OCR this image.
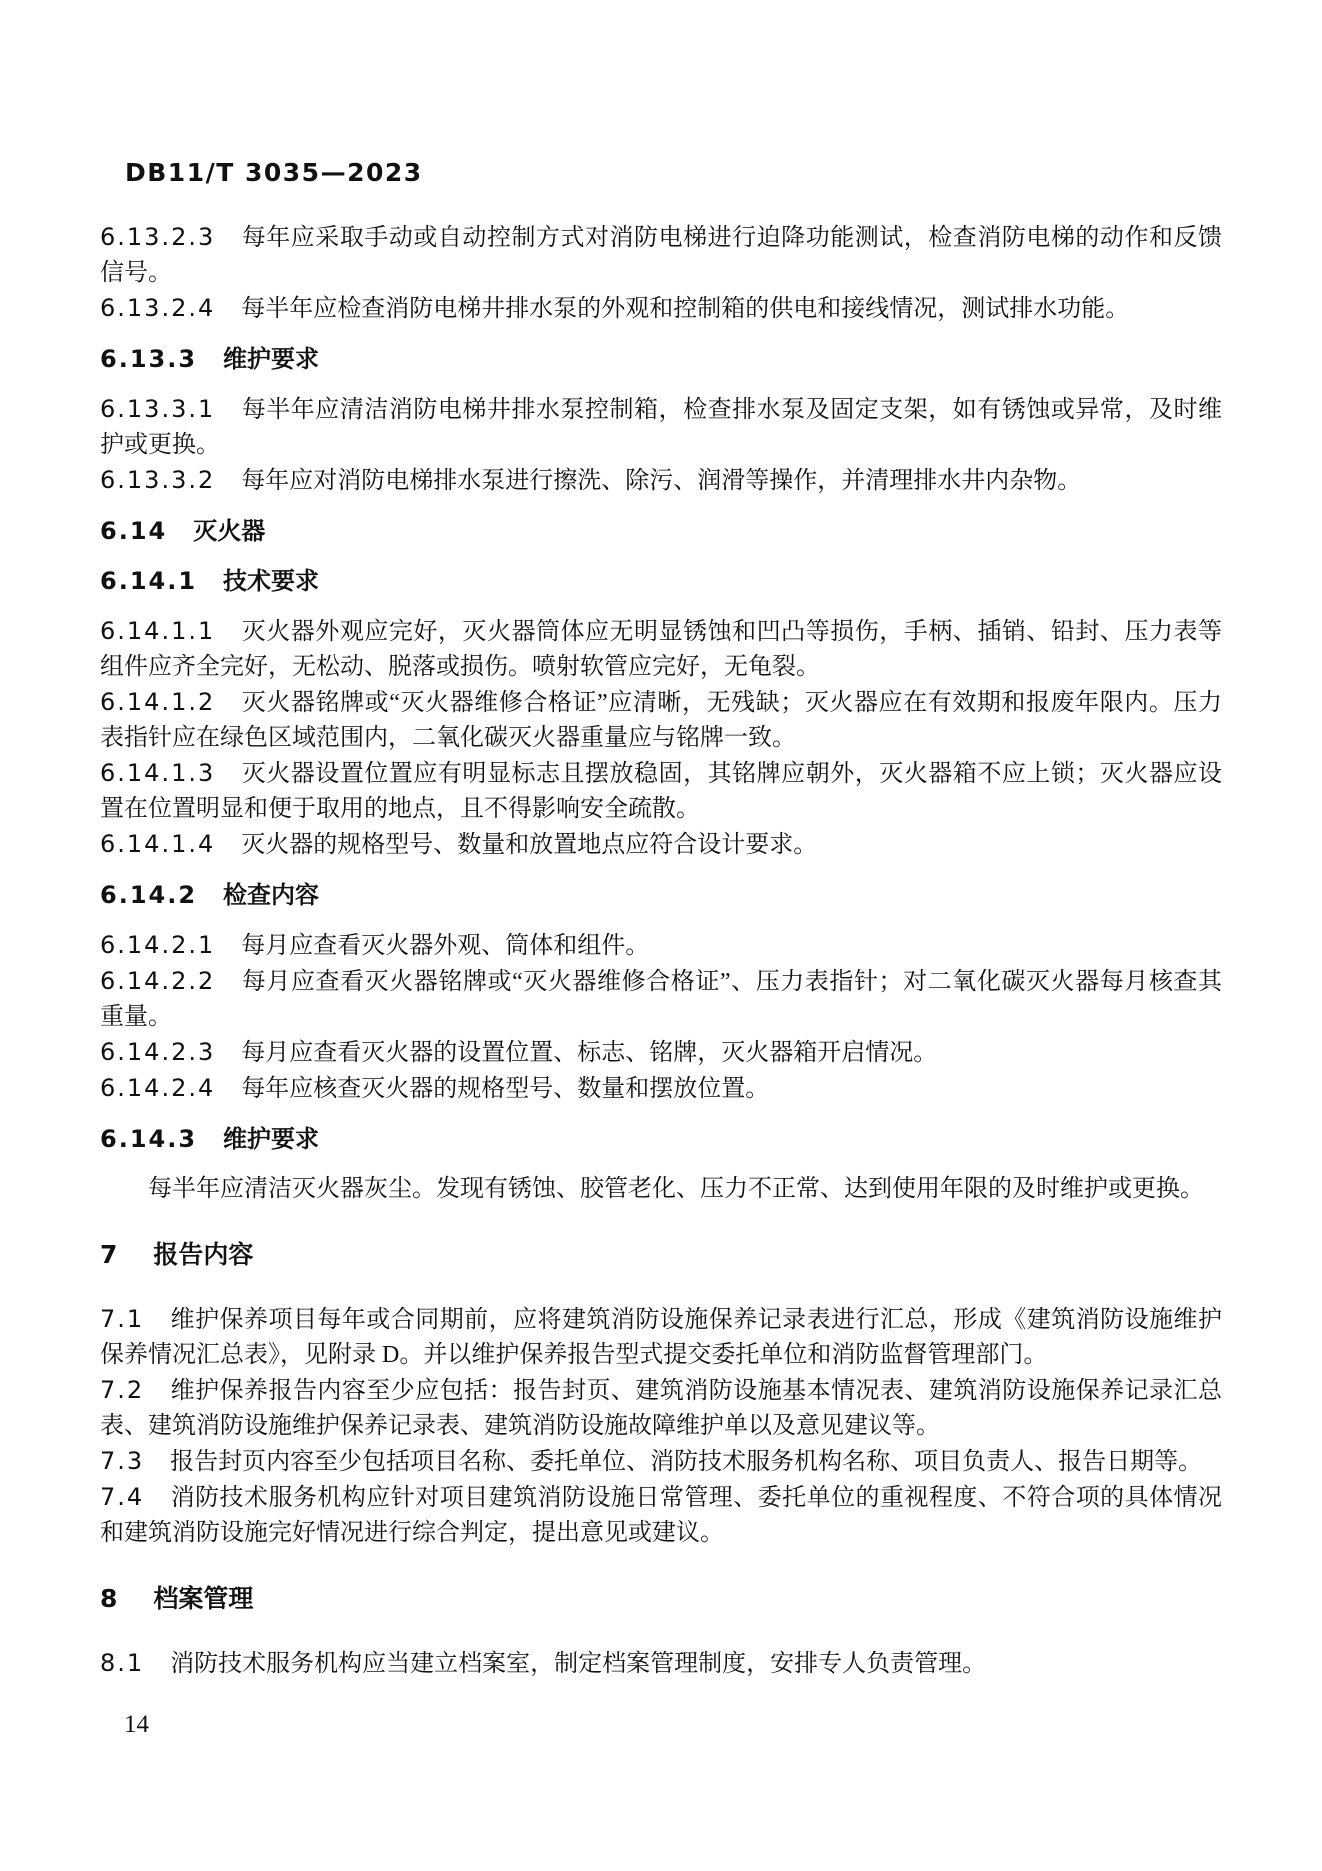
DB11/T 3035—2023

6.13.2.3 每年应采取手动或自动控制方式对消防电梯进行迫降功能测试，检查消防电梯的动作和反馈信号。

6.13.2.4 每半年应检查消防电梯井排水泵的外观和控制箱的供电和接线情况，测试排水功能。

6.13.3 维护要求

6.13.3.1 每半年应清洁消防电梯井排水泵控制箱，检查排水泵及固定支架，如有锈蚀或异常，及时维护或更换。

6.13.3.2 每年应对消防电梯排水泵进行擦洗、除污、润滑等操作，并清理排水井内杂物。

6.14 灭火器

6.14.1 技术要求

6.14.1.1 灭火器外观应完好，灭火器筒体应无明显锈蚀和凹凸等损伤，手柄、插销、铅封、压力表等组件应齐全完好，无松动、脱落或损伤。喷射软管应完好，无龟裂。

6.14.1.2 灭火器铭牌或“灭火器维修合格证”应清晰，无残缺；灭火器应在有效期和报废年限内。压力表指针应在绿色区域范围内，二氧化碳灭火器重量应与铭牌一致。

6.14.1.3 灭火器设置位置应有明显标志且摆放稳固，其铭牌应朝外，灭火器箱不应上锁；灭火器应设置在位置明显和便于取用的地点，且不得影响安全疏散。

6.14.1.4 灭火器的规格型号、数量和放置地点应符合设计要求。

6.14.2 检查内容

6.14.2.1 每月应查看灭火器外观、筒体和组件。

6.14.2.2 每月应查看灭火器铭牌或“灭火器维修合格证”、压力表指针；对二氧化碳灭火器每月核查其重量。

6.14.2.3 每月应查看灭火器的设置位置、标志、铭牌，灭火器箱开启情况。

6.14.2.4 每年应核查灭火器的规格型号、数量和摆放位置。

6.14.3 维护要求

每半年应清洁灭火器灰尘。发现有锈蚀、胶管老化、压力不正常、达到使用年限的及时维护或更换。

7 报告内容

7.1 维护保养项目每年或合同期前，应将建筑消防设施保养记录表进行汇总，形成《建筑消防设施维护保养情况汇总表》，见附录 D。并以维护保养报告型式提交委托单位和消防监督管理部门。

7.2 维护保养报告内容至少应包括：报告封页、建筑消防设施基本情况表、建筑消防设施保养记录汇总表、建筑消防设施维护保养记录表、建筑消防设施故障维护单以及意见建议等。

7.3 报告封页内容至少包括项目名称、委托单位、消防技术服务机构名称、项目负责人、报告日期等。

7.4 消防技术服务机构应针对项目建筑消防设施日常管理、委托单位的重视程度、不符合项的具体情况和建筑消防设施完好情况进行综合判定，提出意见或建议。

8 档案管理

8.1 消防技术服务机构应当建立档案室，制定档案管理制度，安排专人负责管理。

14
